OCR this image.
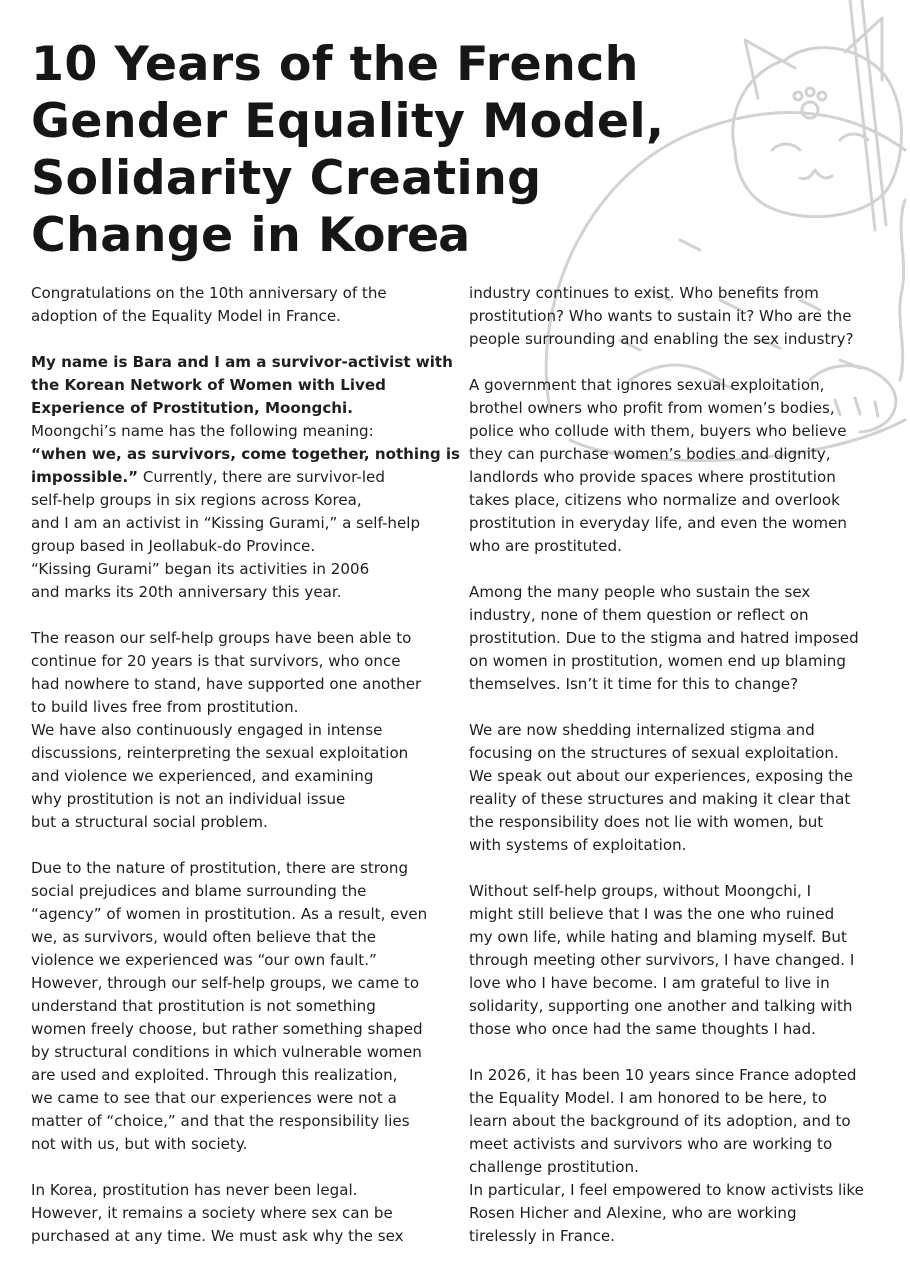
10 Years of the French
Gender Equality Model,
Solidarity Creating
Change in Korea
Congratulations on the 10th anniversary of the
adoption of the Equality Model in France.
My name is Bara and I am a survivor-activist with
the Korean Network of Women with Lived
Experience of Prostitution, Moongchi.
Moongchi’s name has the following meaning:
“when we, as survivors, come together, nothing is
impossible.” Currently, there are survivor-led
self-help groups in six regions across Korea,
and I am an activist in “Kissing Gurami,” a self-help
group based in Jeollabuk-do Province.
“Kissing Gurami” began its activities in 2006
and marks its 20th anniversary this year.
The reason our self-help groups have been able to
continue for 20 years is that survivors, who once
had nowhere to stand, have supported one another
to build lives free from prostitution.
We have also continuously engaged in intense
discussions, reinterpreting the sexual exploitation
and violence we experienced, and examining
why prostitution is not an individual issue
but a structural social problem.
Due to the nature of prostitution, there are strong
social prejudices and blame surrounding the
“agency” of women in prostitution. As a result, even
we, as survivors, would often believe that the
violence we experienced was “our own fault.”
However, through our self-help groups, we came to
understand that prostitution is not something
women freely choose, but rather something shaped
by structural conditions in which vulnerable women
are used and exploited. Through this realization,
we came to see that our experiences were not a
matter of “choice,” and that the responsibility lies
not with us, but with society.
In Korea, prostitution has never been legal.
However, it remains a society where sex can be
purchased at any time. We must ask why the sex
industry continues to exist. Who benefits from
prostitution? Who wants to sustain it? Who are the
people surrounding and enabling the sex industry?
A government that ignores sexual exploitation,
brothel owners who profit from women’s bodies,
police who collude with them, buyers who believe
they can purchase women’s bodies and dignity,
landlords who provide spaces where prostitution
takes place, citizens who normalize and overlook
prostitution in everyday life, and even the women
who are prostituted.
Among the many people who sustain the sex
industry, none of them question or reflect on
prostitution. Due to the stigma and hatred imposed
on women in prostitution, women end up blaming
themselves. Isn’t it time for this to change?
We are now shedding internalized stigma and
focusing on the structures of sexual exploitation.
We speak out about our experiences, exposing the
reality of these structures and making it clear that
the responsibility does not lie with women, but
with systems of exploitation.
Without self-help groups, without Moongchi, I
might still believe that I was the one who ruined
my own life, while hating and blaming myself. But
through meeting other survivors, I have changed. I
love who I have become. I am grateful to live in
solidarity, supporting one another and talking with
those who once had the same thoughts I had.
In 2026, it has been 10 years since France adopted
the Equality Model. I am honored to be here, to
learn about the background of its adoption, and to
meet activists and survivors who are working to
challenge prostitution.
In particular, I feel empowered to know activists like
Rosen Hicher and Alexine, who are working
tirelessly in France.
